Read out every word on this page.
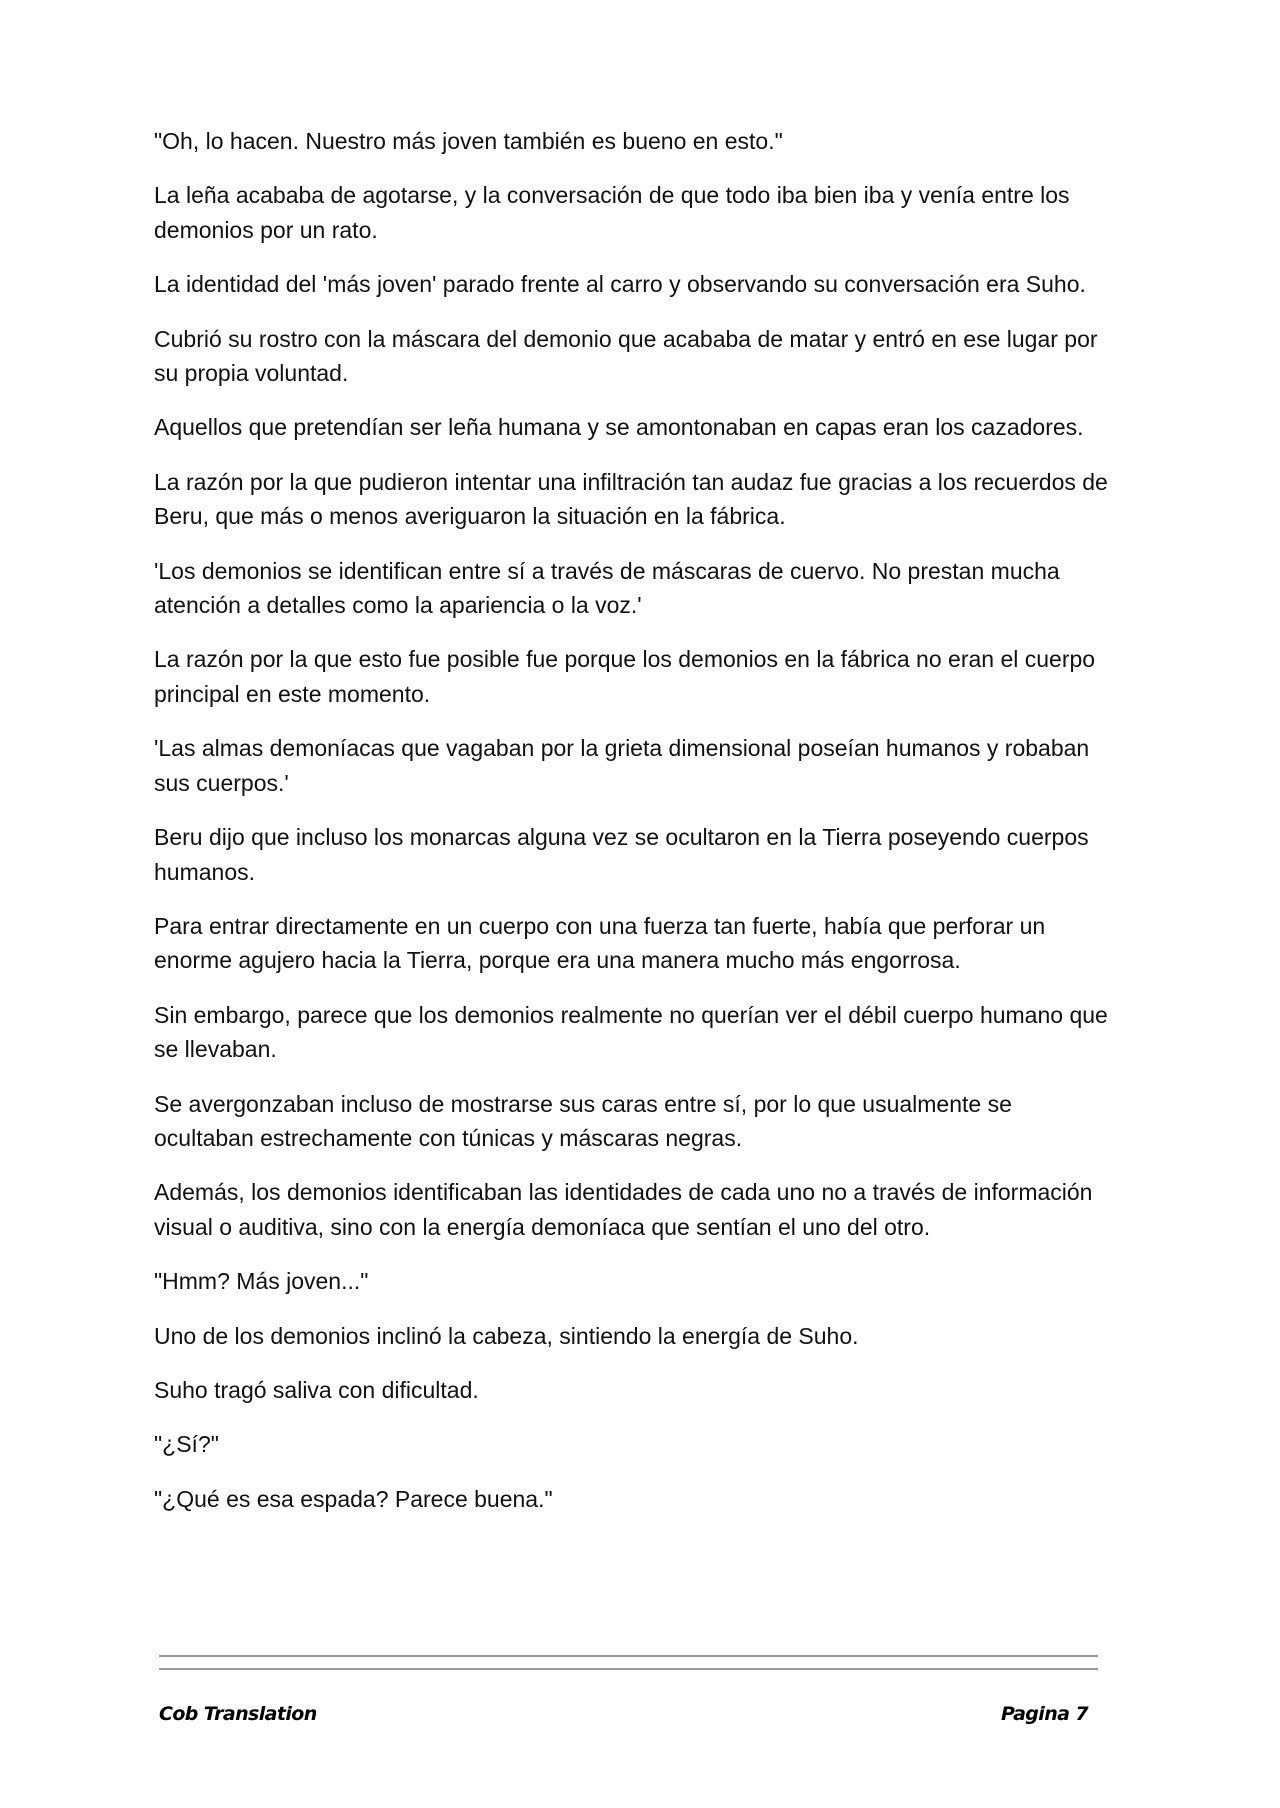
"Oh, lo hacen. Nuestro más joven también es bueno en esto."

La leña acababa de agotarse, y la conversación de que todo iba bien iba y venía entre los demonios por un rato.

La identidad del 'más joven' parado frente al carro y observando su conversación era Suho.

Cubrió su rostro con la máscara del demonio que acababa de matar y entró en ese lugar por su propia voluntad.

Aquellos que pretendían ser leña humana y se amontonaban en capas eran los cazadores.

La razón por la que pudieron intentar una infiltración tan audaz fue gracias a los recuerdos de Beru, que más o menos averiguaron la situación en la fábrica.

'Los demonios se identifican entre sí a través de máscaras de cuervo. No prestan mucha atención a detalles como la apariencia o la voz.'

La razón por la que esto fue posible fue porque los demonios en la fábrica no eran el cuerpo principal en este momento.

'Las almas demoníacas que vagaban por la grieta dimensional poseían humanos y robaban sus cuerpos.'

Beru dijo que incluso los monarcas alguna vez se ocultaron en la Tierra poseyendo cuerpos humanos.

Para entrar directamente en un cuerpo con una fuerza tan fuerte, había que perforar un enorme agujero hacia la Tierra, porque era una manera mucho más engorrosa.

Sin embargo, parece que los demonios realmente no querían ver el débil cuerpo humano que se llevaban.

Se avergonzaban incluso de mostrarse sus caras entre sí, por lo que usualmente se ocultaban estrechamente con túnicas y máscaras negras.

Además, los demonios identificaban las identidades de cada uno no a través de información visual o auditiva, sino con la energía demoníaca que sentían el uno del otro.

"Hmm? Más joven..."

Uno de los demonios inclinó la cabeza, sintiendo la energía de Suho.

Suho tragó saliva con dificultad.

"¿Sí?"

"¿Qué es esa espada? Parece buena."

Cob Translation	Pagina 7
